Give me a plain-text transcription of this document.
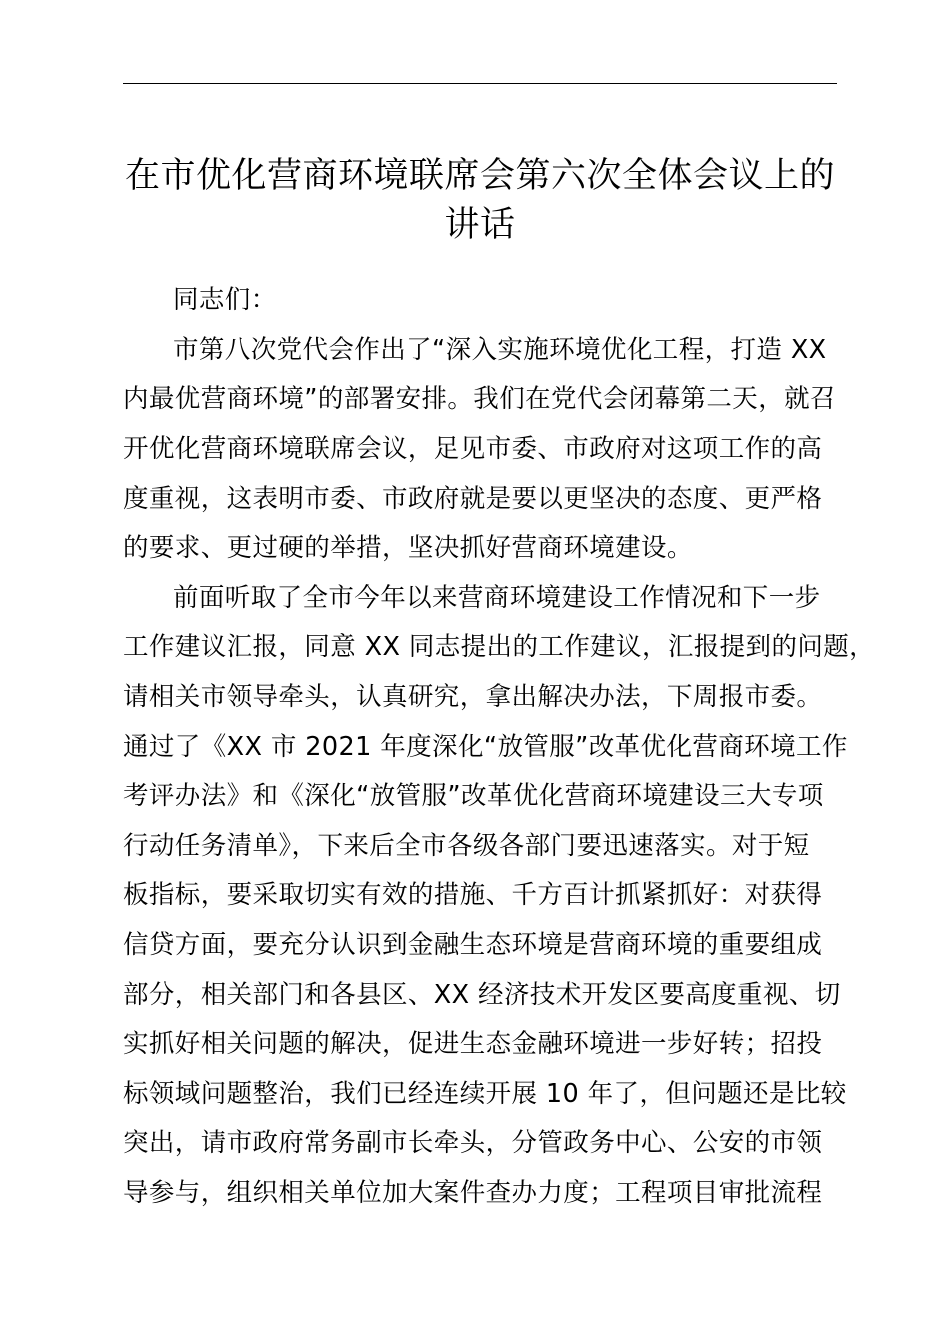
在市优化营商环境联席会第六次全体会议上的
讲话
同志们：
市第八次党代会作出了“深入实施环境优化工程，打造 XX
内最优营商环境”的部署安排。我们在党代会闭幕第二天，就召
开优化营商环境联席会议，足见市委、市政府对这项工作的高
度重视，这表明市委、市政府就是要以更坚决的态度、更严格
的要求、更过硬的举措，坚决抓好营商环境建设。
前面听取了全市今年以来营商环境建设工作情况和下一步
工作建议汇报，同意 XX 同志提出的工作建议，汇报提到的问题，
请相关市领导牵头，认真研究，拿出解决办法，下周报市委。
通过了《XX 市 2021 年度深化“放管服”改革优化营商环境工作
考评办法》和《深化“放管服”改革优化营商环境建设三大专项
行动任务清单》，下来后全市各级各部门要迅速落实。对于短
板指标，要采取切实有效的措施、千方百计抓紧抓好：对获得
信贷方面，要充分认识到金融生态环境是营商环境的重要组成
部分，相关部门和各县区、XX 经济技术开发区要高度重视、切
实抓好相关问题的解决，促进生态金融环境进一步好转；招投
标领域问题整治，我们已经连续开展 10 年了，但问题还是比较
突出，请市政府常务副市长牵头，分管政务中心、公安的市领
导参与，组织相关单位加大案件查办力度；工程项目审批流程
